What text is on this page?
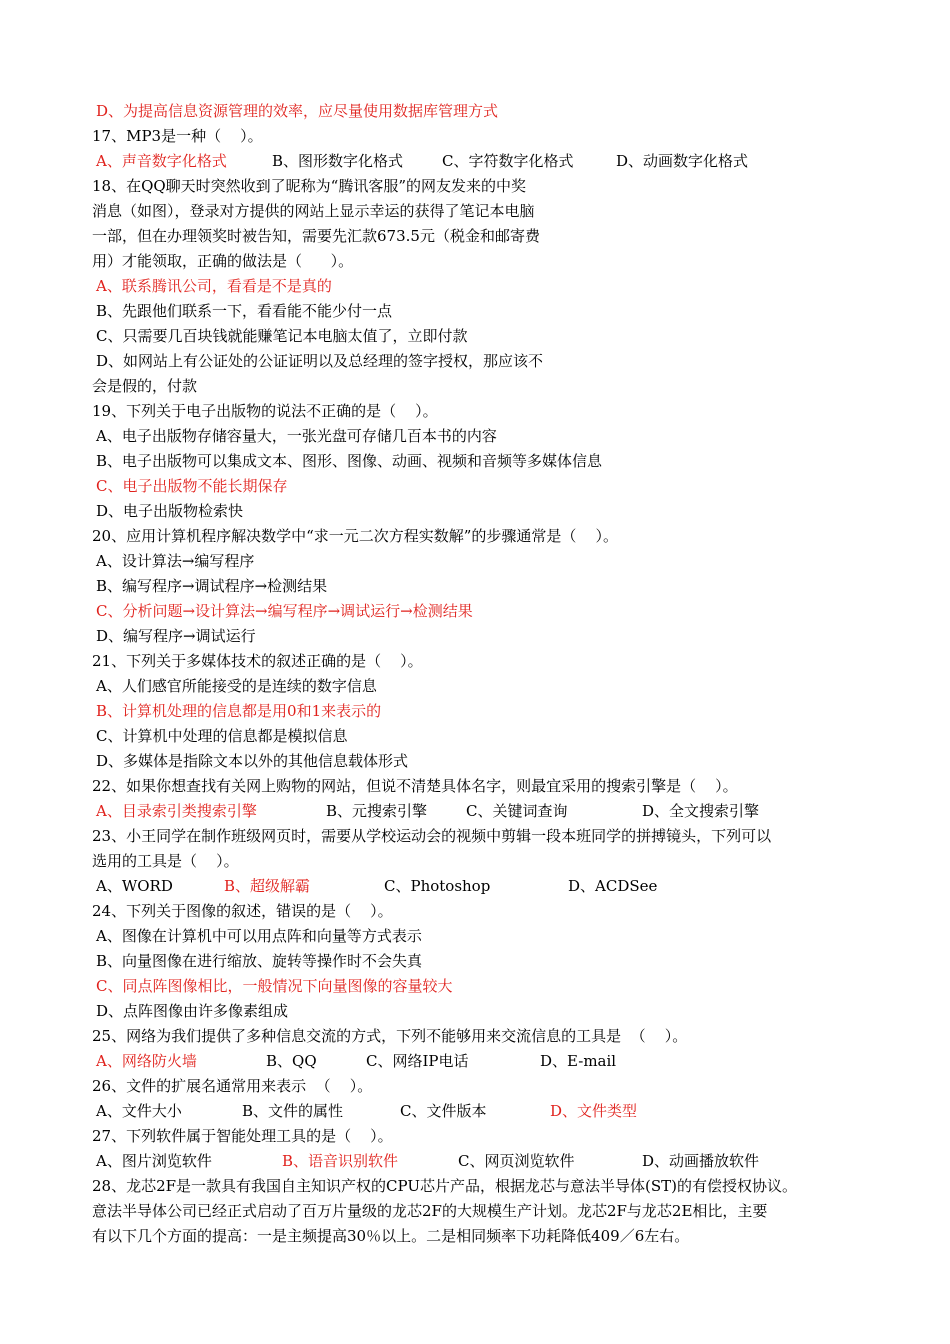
D、为提高信息资源管理的效率，应尽量使用数据库管理方式
17、MP3是一种（    ）。

A、声音数字化格式

	B、图形数字化格式

	C、字符数字化格式

	D、动画数字化格式

18、在QQ聊天时突然收到了昵称为“腾讯客服”的网友发来的中奖
消息（如图），登录对方提供的网站上显示幸运的获得了笔记本电脑
一部，但在办理领奖时被告知，需要先汇款673.5元（税金和邮寄费
用）才能领取，正确的做法是（      ）。
A、联系腾讯公司，看看是不是真的
B、先跟他们联系一下，看看能不能少付一点
C、只需要几百块钱就能赚笔记本电脑太值了，立即付款
D、如网站上有公证处的公证证明以及总经理的签字授权，那应该不
会是假的，付款
19、下列关于电子出版物的说法不正确的是（    ）。
A、电子出版物存储容量大，一张光盘可存储几百本书的内容
B、电子出版物可以集成文本、图形、图像、动画、视频和音频等多媒体信息
C、电子出版物不能长期保存
D、电子出版物检索快
20、应用计算机程序解决数学中“求一元二次方程实数解”的步骤通常是（    ）。
A、设计算法→编写程序
B、编写程序→调试程序→检测结果
C、分析问题→设计算法→编写程序→调试运行→检测结果
D、编写程序→调试运行
21、下列关于多媒体技术的叙述正确的是（    ）。
A、人们感官所能接受的是连续的数字信息
B、计算机处理的信息都是用0和1来表示的
C、计算机中处理的信息都是模拟信息
D、多媒体是指除文本以外的其他信息载体形式
22、如果你想查找有关网上购物的网站，但说不清楚具体名字，则最宜采用的搜索引擎是（    ）。

A、目录索引类搜索引擎

	B、元搜索引擎

	C、关键词查询

	D、全文搜索引擎

23、小王同学在制作班级网页时，需要从学校运动会的视频中剪辑一段本班同学的拼搏镜头，下列可以
选用的工具是（    ）。

A、WORD

	B、超级解霸

	C、Photoshop

	D、ACDSee

24、下列关于图像的叙述，错误的是（    ）。
A、图像在计算机中可以用点阵和向量等方式表示
B、向量图像在进行缩放、旋转等操作时不会失真
C、同点阵图像相比，一般情况下向量图像的容量较大
D、点阵图像由许多像素组成
25、网络为我们提供了多种信息交流的方式，下列不能够用来交流信息的工具是  （    ）。

A、网络防火墙

	B、QQ

	C、网络IP电话

	D、E-mail

26、文件的扩展名通常用来表示  （    ）。

A、文件大小

	B、文件的属性

	C、文件版本

	D、文件类型

27、下列软件属于智能处理工具的是（    ）。

A、图片浏览软件

	B、语音识别软件

	C、网页浏览软件

	D、动画播放软件

28、龙芯2F是一款具有我国自主知识产权的CPU芯片产品，根据龙芯与意法半导体(ST)的有偿授权协议。
意法半导体公司已经正式启动了百万片量级的龙芯2F的大规模生产计划。龙芯2F与龙芯2E相比，主要
有以下几个方面的提高：一是主频提高30％以上。二是相同频率下功耗降低409／6左右。
